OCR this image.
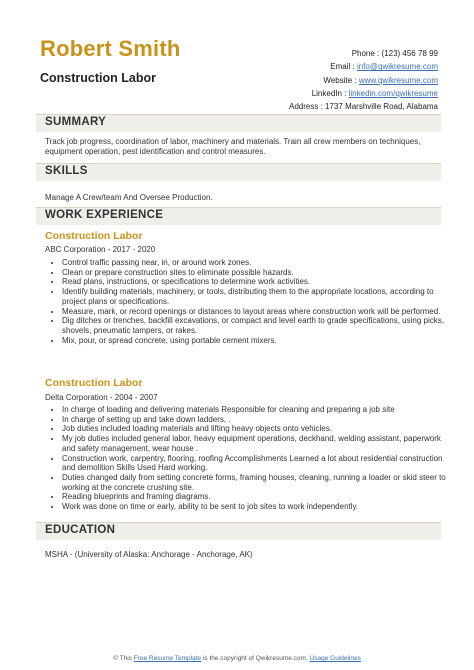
Robert Smith
Construction Labor
Phone : (123) 456 78 99
Email : info@qwikresume.com
Website : www.qwikresume.com
LinkedIn : linkedin.com/qwikresume
Address : 1737 Marshville Road, Alabama
SUMMARY
Track job progress, coordination of labor, machinery and materials. Train all crew members on techniques, equipment operation, pest identification and control measures.
SKILLS
Manage A Crew/team And Oversee Production.
WORK EXPERIENCE
Construction Labor
ABC Corporation - 2017 - 2020
• Control traffic passing near, in, or around work zones.
• Clean or prepare construction sites to eliminate possible hazards.
• Read plans, instructions, or specifications to determine work activities.
• Identify building materials, machinery, or tools, distributing them to the appropriate locations, according to project plans or specifications.
• Measure, mark, or record openings or distances to layout areas where construction work will be performed.
• Dig ditches or trenches, backfill excavations, or compact and level earth to grade specifications, using picks, shovels, pneumatic tampers, or rakes.
• Mix, pour, or spread concrete, using portable cement mixers.
Construction Labor
Delta Corporation - 2004 - 2007
• In charge of loading and delivering materials Responsible for cleaning and preparing a job site
• In charge of setting up and take down ladders, .
• Job duties included loading materials and lifting heavy objects onto vehicles.
• My job duties included general labor, heavy equipment operations, deckhand, welding assistant, paperwork and safety management, wear house .
• Construction work, carpentry, flooring, roofing Accomplishments Learned a lot about residential construction and demolition Skills Used Hard working.
• Duties changed daily from setting concrete forms, framing houses, cleaning, running a loader or skid steer to working at the concrete crushing site.
• Reading blueprints and framing diagrams.
• Work was done on time or early, ability to be sent to job sites to work independently.
EDUCATION
MSHA - (University of Alaska: Anchorage - Anchorage, AK)
© This Free Resume Template is the copyright of Qwikresume.com. Usage Guidelines
